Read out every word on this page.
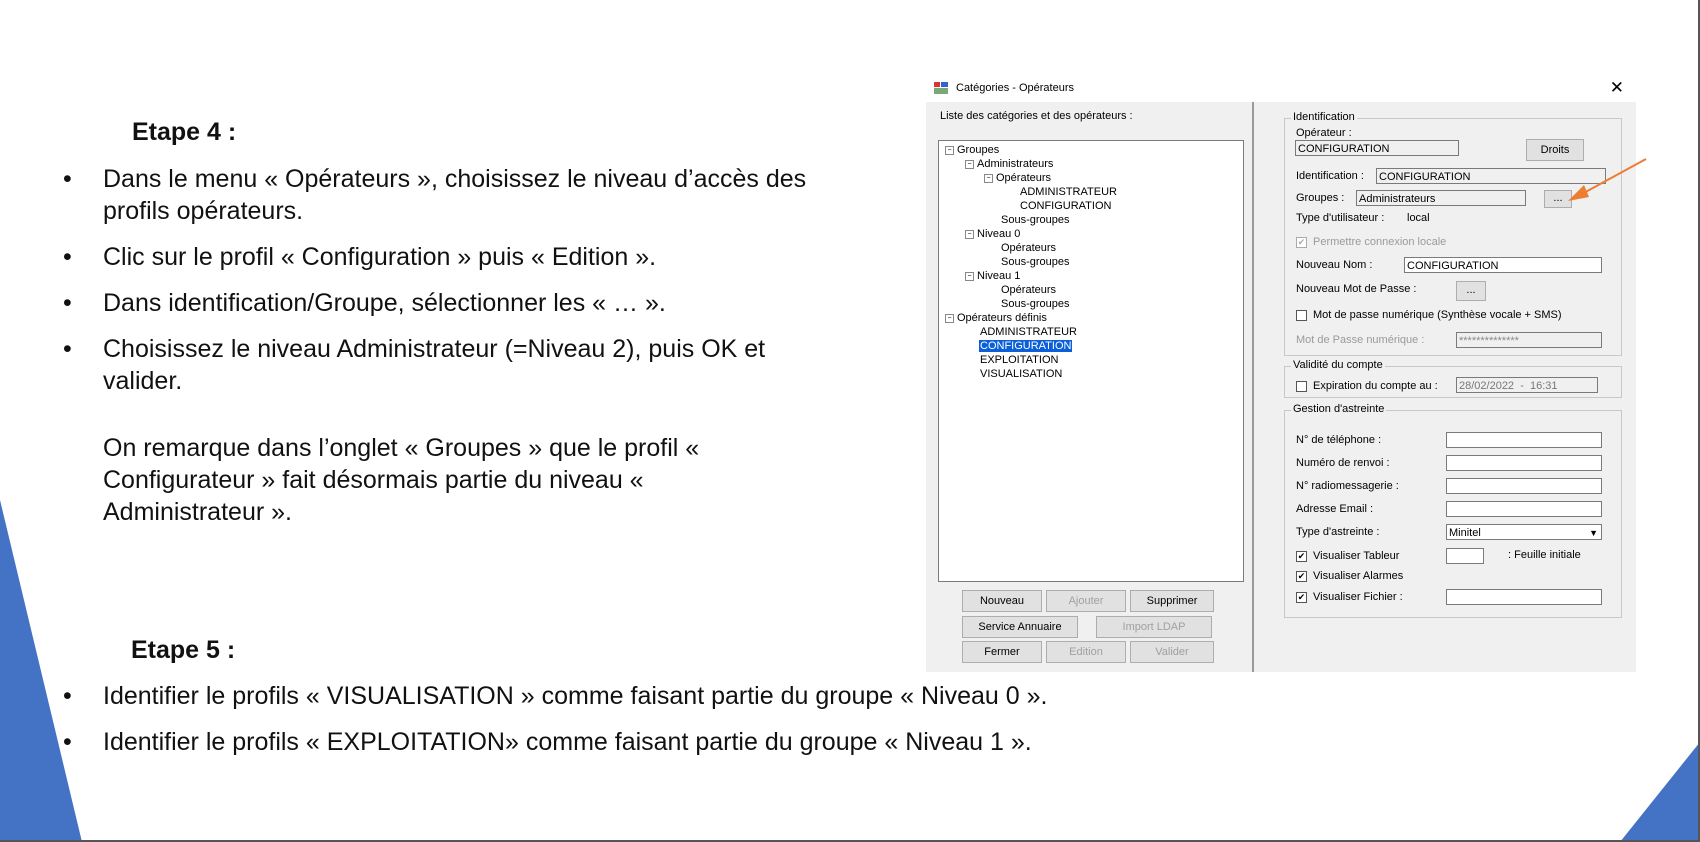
Etape 4 :
• Dans le menu « Opérateurs », choisissez le niveau d’accès des profils opérateurs.
• Clic sur le profil « Configuration » puis « Edition ».
• Dans identification/Groupe, sélectionner les « … ».
• Choisissez le niveau Administrateur (=Niveau 2), puis OK et valider.
On remarque dans l’onglet « Groupes » que le profil « Configurateur » fait désormais partie du niveau « Administrateur ».
Etape 5 :
• Identifier le profils « VISUALISATION » comme faisant partie du groupe « Niveau 0 ».
• Identifier le profils « EXPLOITATION» comme faisant partie du groupe « Niveau 1 ».
Catégories - Opérateurs	✕
Liste des catégories et des opérateurs :
− Groupes
− Administrateurs
− Opérateurs
ADMINISTRATEUR
CONFIGURATION
Sous-groupes
− Niveau 0
Opérateurs
Sous-groupes
− Niveau 1
Opérateurs
Sous-groupes
− Opérateurs définis
ADMINISTRATEUR
CONFIGURATION
EXPLOITATION
VISUALISATION
Nouveau	Ajouter	Supprimer
Service Annuaire	Import LDAP
Fermer	Edition	Valider
Identification
Opérateur :
CONFIGURATION	Droits
Identification : CONFIGURATION
Groupes : Administrateurs	...
Type d'utilisateur : local
✔ Permettre connexion locale
Nouveau Nom :	CONFIGURATION
Nouveau Mot de Passe :	...
Mot de passe numérique (Synthèse vocale + SMS)
Mot de Passe numérique :	**************
Validité du compte
Expiration du compte au : 28/02/2022 - 16:31
Gestion d'astreinte
N° de téléphone :
Numéro de renvoi :
N° radiomessagerie :
Adresse Email :
Type d'astreinte :	Minitel	▼
✔ Visualiser Tableur	: Feuille initiale
✔ Visualiser Alarmes
✔ Visualiser Fichier :
